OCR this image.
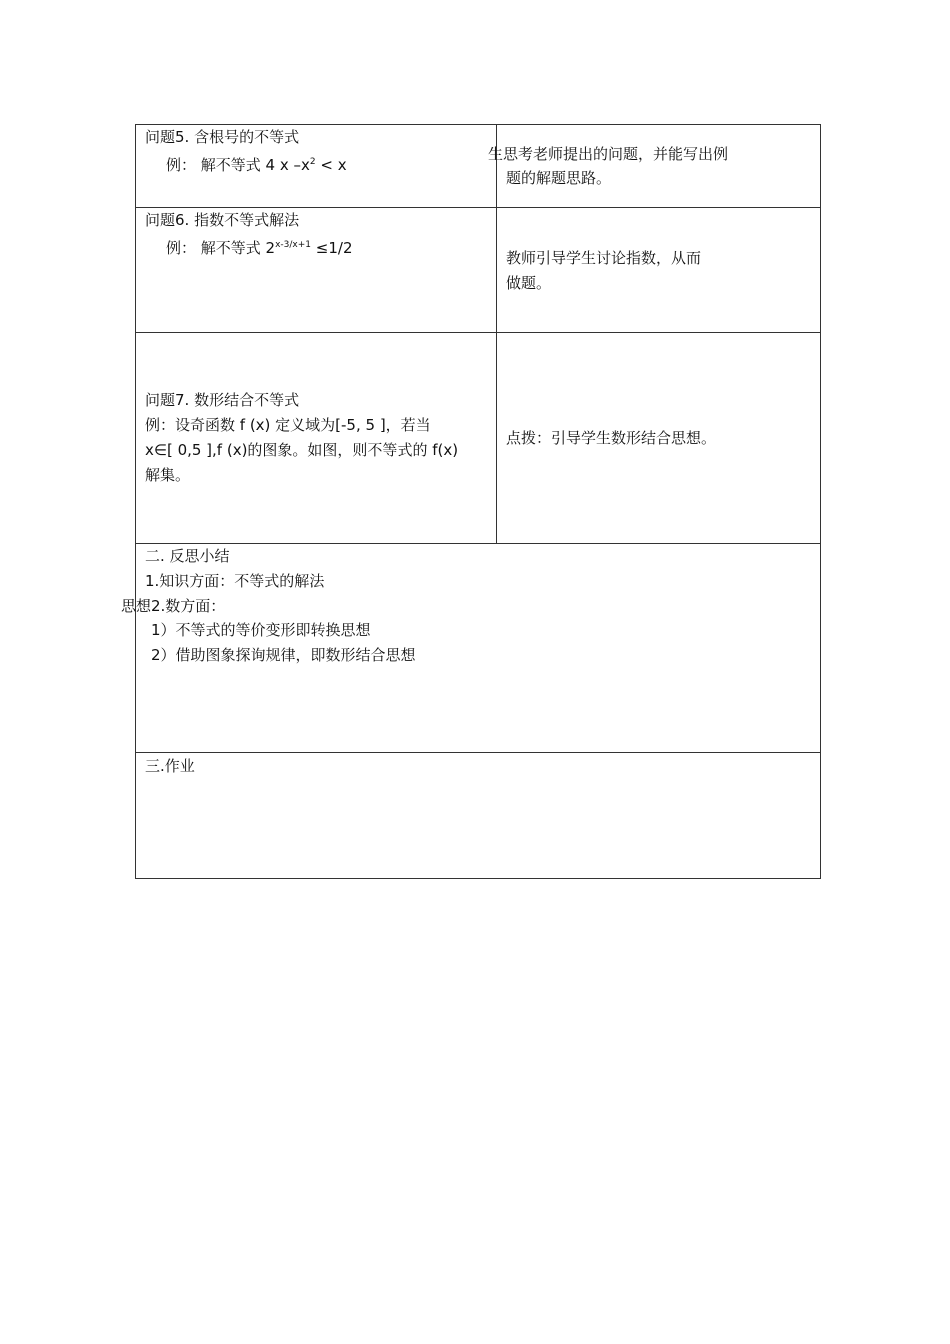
问题5. 含根号的不等式
例： 解不等式 4 x $-x^2 < x$
生思考老师提出的问题，并能写出例
题的解题思路。
问题6. 指数不等式解法
例： 解不等式 $2^{x-3/x+1} \le 1/2$
教师引导学生讨论指数，从而
做题。
问题7. 数形结合不等式
例：设奇函数 f (x) 定义域为[-5, 5 ]，若当
x∈[ 0,5 ],f (x)的图象。如图，则不等式的 f(x)
解集。
点拨：引导学生数形结合思想。
二. 反思小结
1.知识方面：不等式的解法
思想2.数方面：
1）不等式的等价变形即转换思想
2）借助图象探询规律，即数形结合思想
三.作业
